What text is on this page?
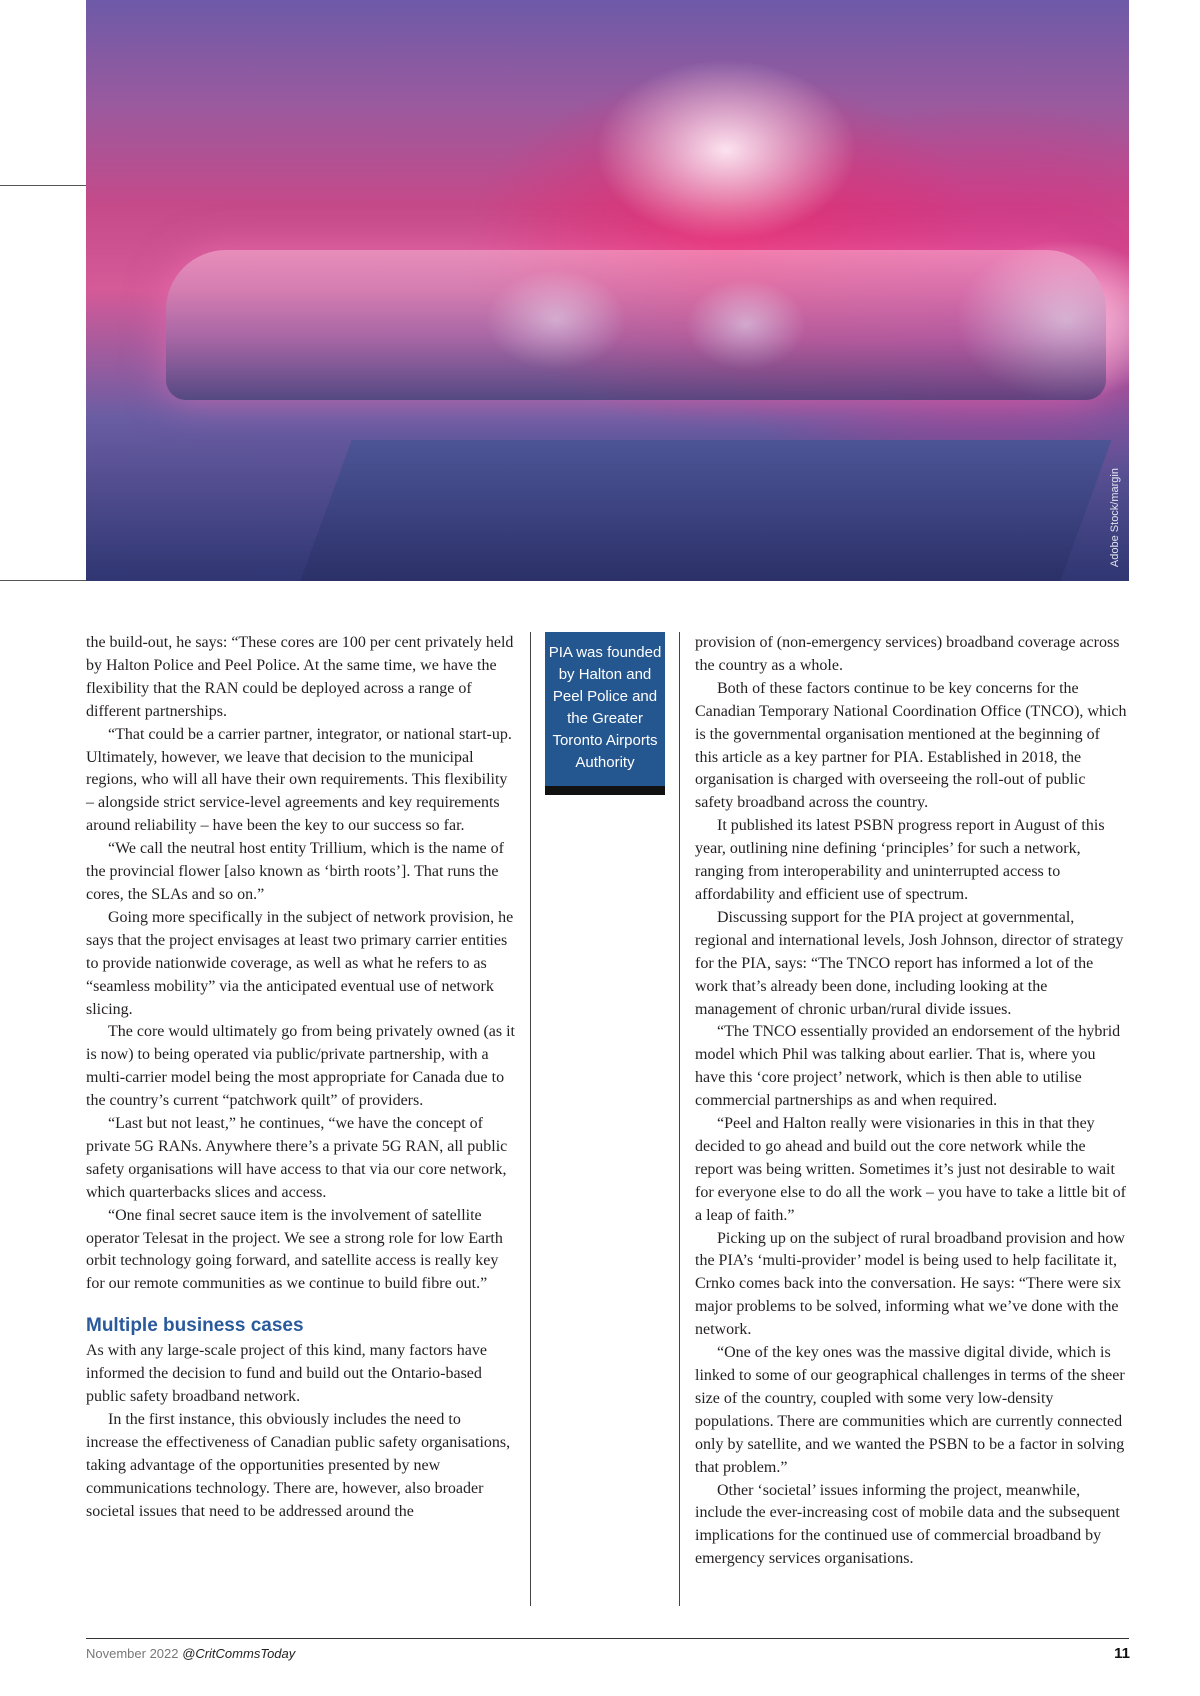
Adobe Stock/margin

the build-out, he says: “These cores are 100 per cent privately held by Halton Police and Peel Police. At the same time, we have the flexibility that the RAN could be deployed across a range of different partnerships.

“That could be a carrier partner, integrator, or national start-up. Ultimately, however, we leave that decision to the municipal regions, who will all have their own requirements. This flexibility – alongside strict service-level agreements and key requirements around reliability – have been the key to our success so far.

“We call the neutral host entity Trillium, which is the name of the provincial flower [also known as ‘birth roots’]. That runs the cores, the SLAs and so on.”

Going more specifically in the subject of network provision, he says that the project envisages at least two primary carrier entities to provide nationwide coverage, as well as what he refers to as “seamless mobility” via the anticipated eventual use of network slicing.

The core would ultimately go from being privately owned (as it is now) to being operated via public/private partnership, with a multi-carrier model being the most appropriate for Canada due to the country’s current “patchwork quilt” of providers.

“Last but not least,” he continues, “we have the concept of private 5G RANs. Anywhere there’s a private 5G RAN, all public safety organisations will have access to that via our core network, which quarterbacks slices and access.

“One final secret sauce item is the involvement of satellite operator Telesat in the project. We see a strong role for low Earth orbit technology going forward, and satellite access is really key for our remote communities as we continue to build fibre out.”

Multiple business cases

As with any large-scale project of this kind, many factors have informed the decision to fund and build out the Ontario-based public safety broadband network.

In the first instance, this obviously includes the need to increase the effectiveness of Canadian public safety organisations, taking advantage of the opportunities presented by new communications technology. There are, however, also broader societal issues that need to be addressed around the

PIA was founded by Halton and Peel Police and the Greater Toronto Airports Authority

provision of (non-emergency services) broadband coverage across the country as a whole.

Both of these factors continue to be key concerns for the Canadian Temporary National Coordination Office (TNCO), which is the governmental organisation mentioned at the beginning of this article as a key partner for PIA. Established in 2018, the organisation is charged with overseeing the roll-out of public safety broadband across the country.

It published its latest PSBN progress report in August of this year, outlining nine defining ‘principles’ for such a network, ranging from interoperability and uninterrupted access to affordability and efficient use of spectrum.

Discussing support for the PIA project at governmental, regional and international levels, Josh Johnson, director of strategy for the PIA, says: “The TNCO report has informed a lot of the work that’s already been done, including looking at the management of chronic urban/rural divide issues.

“The TNCO essentially provided an endorsement of the hybrid model which Phil was talking about earlier. That is, where you have this ‘core project’ network, which is then able to utilise commercial partnerships as and when required.

“Peel and Halton really were visionaries in this in that they decided to go ahead and build out the core network while the report was being written. Sometimes it’s just not desirable to wait for everyone else to do all the work – you have to take a little bit of a leap of faith.”

Picking up on the subject of rural broadband provision and how the PIA’s ‘multi-provider’ model is being used to help facilitate it, Crnko comes back into the conversation. He says: “There were six major problems to be solved, informing what we’ve done with the network.

“One of the key ones was the massive digital divide, which is linked to some of our geographical challenges in terms of the sheer size of the country, coupled with some very low-density populations. There are communities which are currently connected only by satellite, and we wanted the PSBN to be a factor in solving that problem.”

Other ‘societal’ issues informing the project, meanwhile, include the ever-increasing cost of mobile data and the subsequent implications for the continued use of commercial broadband by emergency services organisations.

November 2022 @CritCommsToday	11
